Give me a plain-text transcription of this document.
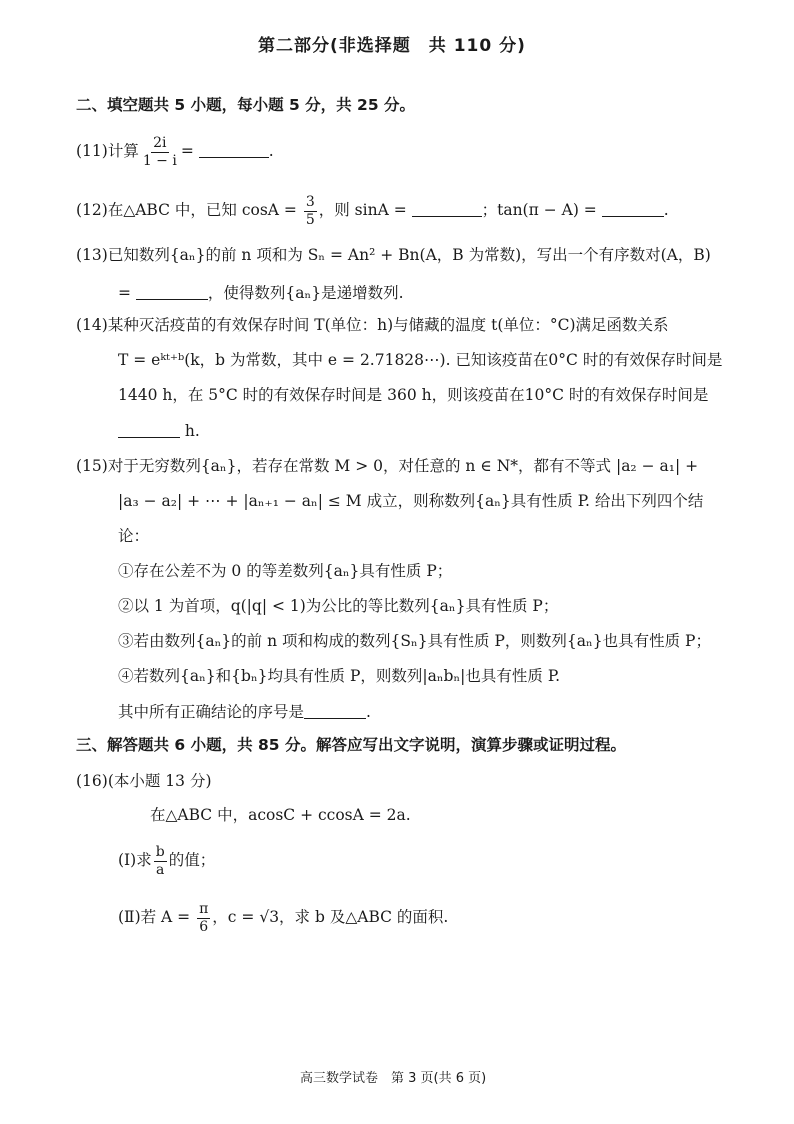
第二部分(非选择题　共 110 分)
二、填空题共 5 小题，每小题 5 分，共 25 分。
(11)计算 $\frac{2i}{1 - i}$ =	.
(12)在△ABC 中，已知 $\cos A = \frac{3}{5}$ ，则 sinA =	；tan(π − A) =	.
(13)已知数列{aₙ}的前 n 项和为 Sₙ = An² + Bn(A，B 为常数)，写出一个有序数对(A，B)
=	，使得数列{aₙ}是递增数列.
(14)某种灭活疫苗的有效保存时间 T(单位：h)与储藏的温度 t(单位：°C)满足函数关系
T = eᵏᵗ⁺ᵇ(k，b 为常数，其中 e = 2.71828⋯). 已知该疫苗在0°C 时的有效保存时间是
1440 h，在 5°C 时的有效保存时间是 360 h，则该疫苗在10°C 时的有效保存时间是
h.
(15)对于无穷数列{aₙ}，若存在常数 M > 0，对任意的 n ∈ N*，都有不等式 |a₂ − a₁| +
|a₃ − a₂| + ⋯ + |aₙ₊₁ − aₙ| ≤ M 成立，则称数列{aₙ}具有性质 P. 给出下列四个结
论：
①存在公差不为 0 的等差数列{aₙ}具有性质 P；
②以 1 为首项，q(|q| < 1)为公比的等比数列{aₙ}具有性质 P；
③若由数列{aₙ}的前 n 项和构成的数列{Sₙ}具有性质 P，则数列{aₙ}也具有性质 P；
④若数列{aₙ}和{bₙ}均具有性质 P，则数列|aₙbₙ|也具有性质 P.
其中所有正确结论的序号是	.
三、解答题共 6 小题，共 85 分。解答应写出文字说明，演算步骤或证明过程。
(16)(本小题 13 分)
在△ABC 中，acosC + ccosA = 2a.
(Ⅰ)求 $\frac{b}{a}$ 的值；
(Ⅱ)若 $A = \frac{\pi}{6}$ ，c = √3，求 b 及△ABC 的面积.
高三数学试卷　第 3 页(共 6 页)
